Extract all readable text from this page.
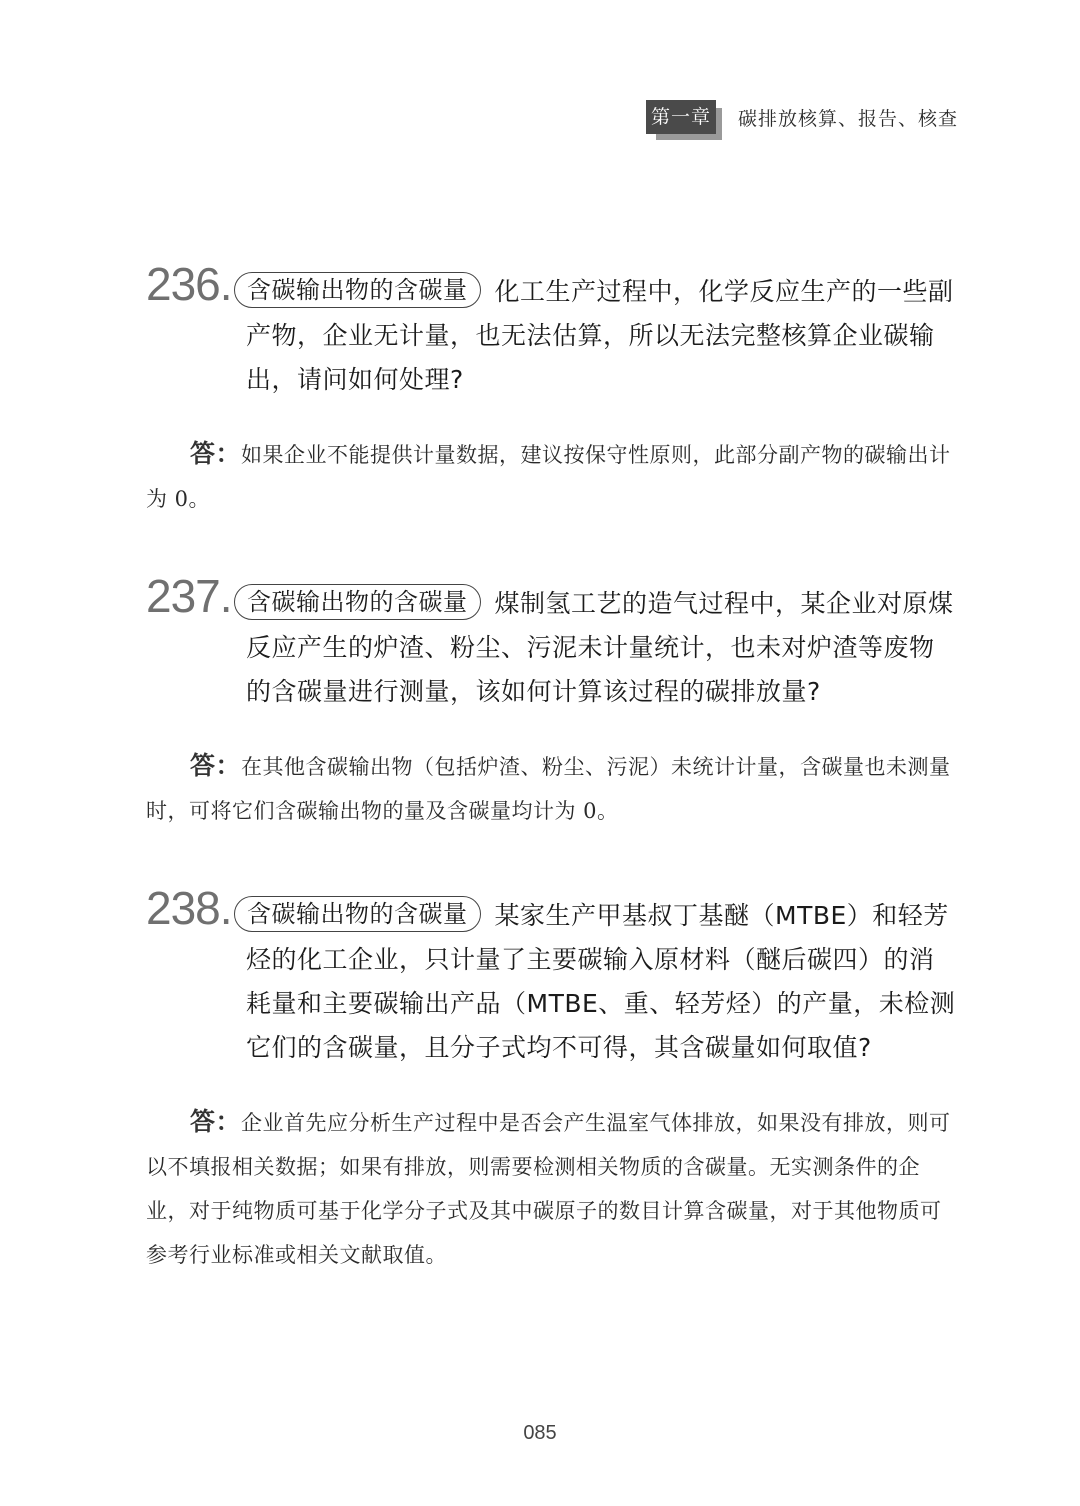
第一章 碳排放核算、报告、核查
236. 含碳输出物的含碳量 化工生产过程中，化学反应生产的一些副产物，企业无计量，也无法估算，所以无法完整核算企业碳输出，请问如何处理?
答：如果企业不能提供计量数据，建议按保守性原则，此部分副产物的碳输出计为 0。
237. 含碳输出物的含碳量 煤制氢工艺的造气过程中，某企业对原煤反应产生的炉渣、粉尘、污泥未计量统计，也未对炉渣等废物的含碳量进行测量，该如何计算该过程的碳排放量?
答：在其他含碳输出物（包括炉渣、粉尘、污泥）未统计计量，含碳量也未测量时，可将它们含碳输出物的量及含碳量均计为 0。
238. 含碳输出物的含碳量 某家生产甲基叔丁基醚（MTBE）和轻芳烃的化工企业，只计量了主要碳输入原材料（醚后碳四）的消耗量和主要碳输出产品（MTBE、重、轻芳烃）的产量，未检测它们的含碳量，且分子式均不可得，其含碳量如何取值?
答：企业首先应分析生产过程中是否会产生温室气体排放，如果没有排放，则可以不填报相关数据；如果有排放，则需要检测相关物质的含碳量。无实测条件的企业，对于纯物质可基于化学分子式及其中碳原子的数目计算含碳量，对于其他物质可参考行业标准或相关文献取值。
085
